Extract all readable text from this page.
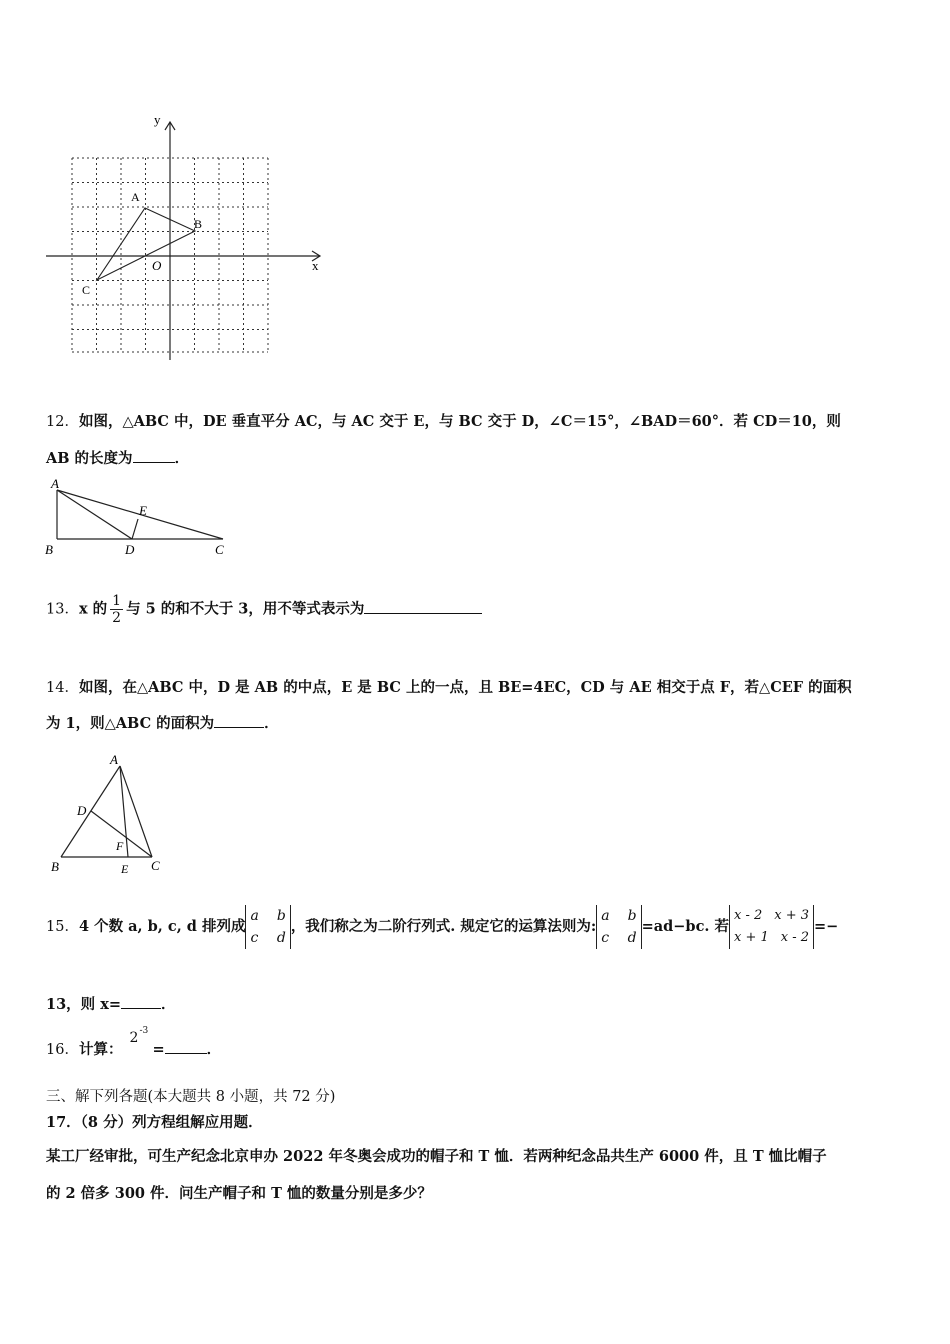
x
y
O
A
B
C
12．如图，△ABC 中，DE 垂直平分 AC，与 AC 交于 E，与 BC 交于 D，∠C＝15°，∠BAD＝60°．若 CD＝10，则
AB 的长度为	．
A
E
B	D	C
13．x 的 $\frac{1}{2}$ 与 5 的和不大于 3，用不等式表示为
14．如图，在△ABC 中，D 是 AB 的中点，E 是 BC 上的一点，且 BE=4EC，CD 与 AE 相交于点 F，若△CEF 的面积
为 1，则△ABC 的面积为	．
A
D
F
B	E C
15．4 个数 a, b, c, d 排列成
a b
c d
，我们称之为二阶行列式. 规定它的运算法则为:
a b
c d
=ad−bc. 若
x - 2 x + 3
x + 1 x - 2
=−
13，则 x=	．
16．计算：
2 -3
=	．
三、解下列各题(本大题共 8 小题，共 72 分)
17．（8 分）列方程组解应用题．
某工厂经审批，可生产纪念北京申办 2022 年冬奥会成功的帽子和 T 恤．若两种纪念品共生产 6000 件，且 T 恤比帽子
的 2 倍多 300 件．问生产帽子和 T 恤的数量分别是多少？
